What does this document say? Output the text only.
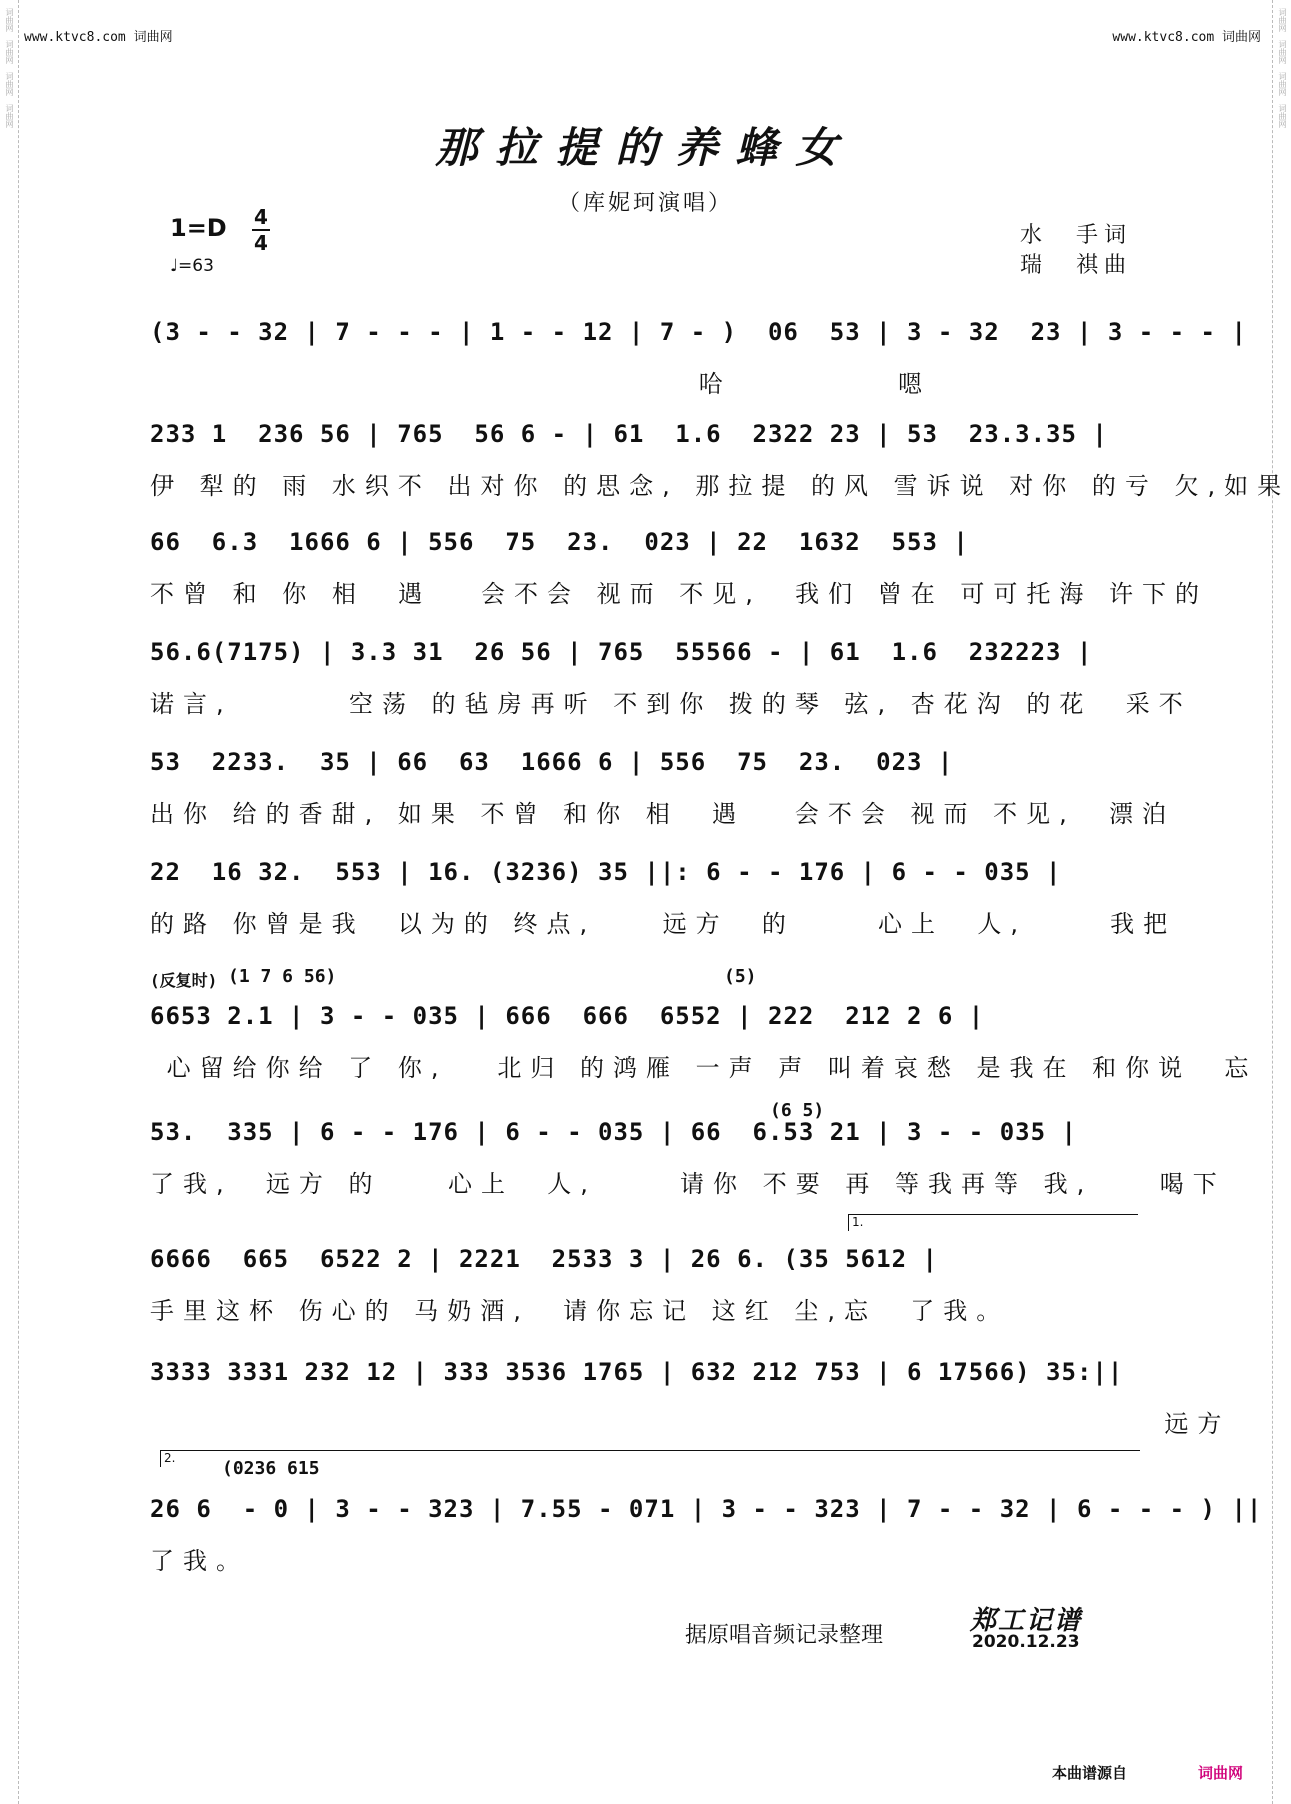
词曲网
词曲网
词曲网
词曲网
词曲网
词曲网
词曲网
词曲网
www.ktvc8.com 词曲网	www.ktvc8.com 词曲网
那拉提的养蜂女
（库妮珂演唱）
1=D 4
4
♩=63
水　手词
瑞　祺曲
(3 - - 32 | 7 - - - | 1 - - 12 | 7 - )  06  53 | 3 - 32  23 | 3 - - - |
哈          嗯
233 1  236 56 | 765  56 6 - | 61  1.6  2322 23 | 53  23.3.35 |
伊 犁的 雨 水织不 出对你 的思念, 那拉提 的风 雪诉说 对你 的亏 欠,如果
66  6.3  1666 6 | 556  75  23.  023 | 22  1632  553 |
不曾 和 你 相  遇   会不会 视而 不见,  我们 曾在 可可托海 许下的
56.6(7175) | 3.3 31  26 56 | 765  55566 - | 61  1.6  232223 |
诺言,       空荡 的毡房再听 不到你 拨的琴 弦, 杏花沟 的花  采不
53  2233.  35 | 66  63  1666 6 | 556  75  23.  023 |
出你 给的香甜, 如果 不曾 和你 相  遇   会不会 视而 不见,  漂泊
22  16 32.  553 | 16. (3236) 35 ||: 6 - - 176 | 6 - - 035 |
的路 你曾是我  以为的 终点,    远方  的     心上  人,     我把
6653 2.1 | 3 - - 035 | 666  666  6552 | 222  212 2 6 |
心留给你给 了 你,   北归 的鸿雁 一声 声 叫着哀愁 是我在 和你说  忘
53.  335 | 6 - - 176 | 6 - - 035 | 66  6.53 21 | 3 - - 035 |
了我,  远方 的    心上  人,     请你 不要 再 等我再等 我,    喝下
6666  665  6522 2 | 2221  2533 3 | 26 6. (35 5612 |
手里这杯 伤心的 马奶酒,  请你忘记 这红 尘,忘  了我。
3333 3331 232 12 | 333 3536 1765 | 632 212 753 | 6 17566) 35:||
远方
26 6  - 0 | 3 - - 323 | 7.55 - 071 | 3 - - 323 | 7 - - 32 | 6 - - - ) ||
了我。
(反复时) (1 7 6 56)	(5)
(6 5)
1.
2.	(0236 615
据原唱音频记录整理	郑工记谱
2020.12.23
本曲谱源自	词曲网
